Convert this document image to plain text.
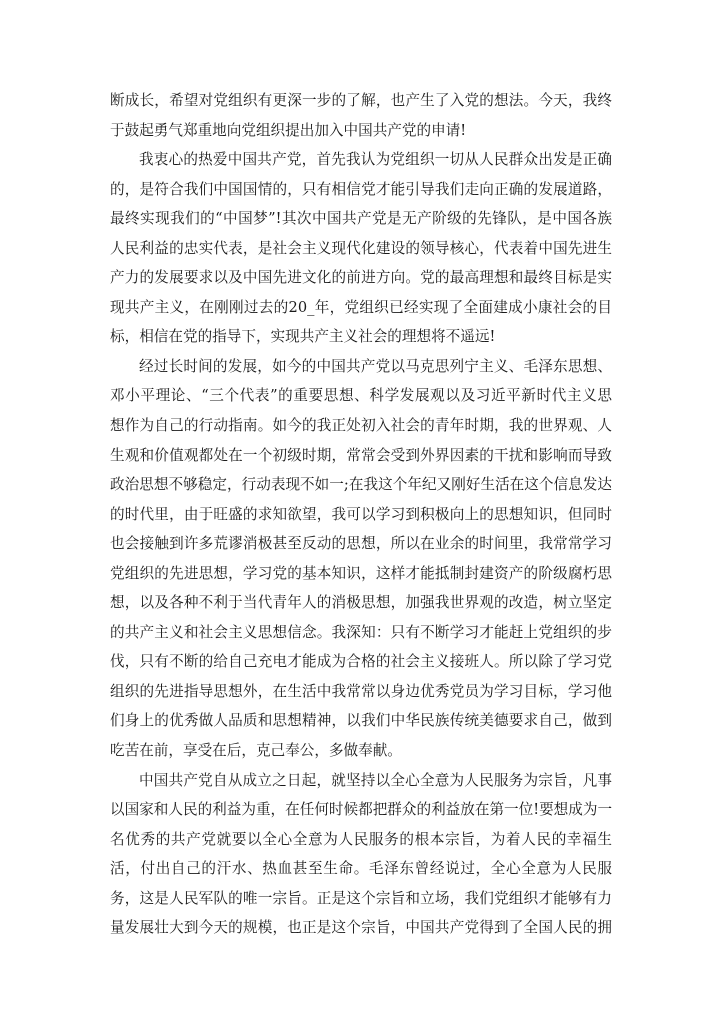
断成长，希望对党组织有更深一步的了解，也产生了入党的想法。今天，我终
于鼓起勇气郑重地向党组织提出加入中国共产党的申请!
我衷心的热爱中国共产党，首先我认为党组织一切从人民群众出发是正确
的，是符合我们中国国情的，只有相信党才能引导我们走向正确的发展道路，
最终实现我们的“中国梦”!其次中国共产党是无产阶级的先锋队，是中国各族
人民利益的忠实代表，是社会主义现代化建设的领导核心，代表着中国先进生
产力的发展要求以及中国先进文化的前进方向。党的最高理想和最终目标是实
现共产主义，在刚刚过去的20_年，党组织已经实现了全面建成小康社会的目
标，相信在党的指导下，实现共产主义社会的理想将不遥远!
经过长时间的发展，如今的中国共产党以马克思列宁主义、毛泽东思想、
邓小平理论、“三个代表”的重要思想、科学发展观以及习近平新时代主义思
想作为自己的行动指南。如今的我正处初入社会的青年时期，我的世界观、人
生观和价值观都处在一个初级时期，常常会受到外界因素的干扰和影响而导致
政治思想不够稳定，行动表现不如一;在我这个年纪又刚好生活在这个信息发达
的时代里，由于旺盛的求知欲望，我可以学习到积极向上的思想知识，但同时
也会接触到许多荒谬消极甚至反动的思想，所以在业余的时间里，我常常学习
党组织的先进思想，学习党的基本知识，这样才能抵制封建资产的阶级腐朽思
想，以及各种不利于当代青年人的消极思想，加强我世界观的改造，树立坚定
的共产主义和社会主义思想信念。我深知：只有不断学习才能赶上党组织的步
伐，只有不断的给自己充电才能成为合格的社会主义接班人。所以除了学习党
组织的先进指导思想外，在生活中我常常以身边优秀党员为学习目标，学习他
们身上的优秀做人品质和思想精神，以我们中华民族传统美德要求自己，做到
吃苦在前，享受在后，克己奉公，多做奉献。
中国共产党自从成立之日起，就坚持以全心全意为人民服务为宗旨，凡事
以国家和人民的利益为重，在任何时候都把群众的利益放在第一位!要想成为一
名优秀的共产党就要以全心全意为人民服务的根本宗旨，为着人民的幸福生
活，付出自己的汗水、热血甚至生命。毛泽东曾经说过，全心全意为人民服
务，这是人民军队的唯一宗旨。正是这个宗旨和立场，我们党组织才能够有力
量发展壮大到今天的规模，也正是这个宗旨，中国共产党得到了全国人民的拥
